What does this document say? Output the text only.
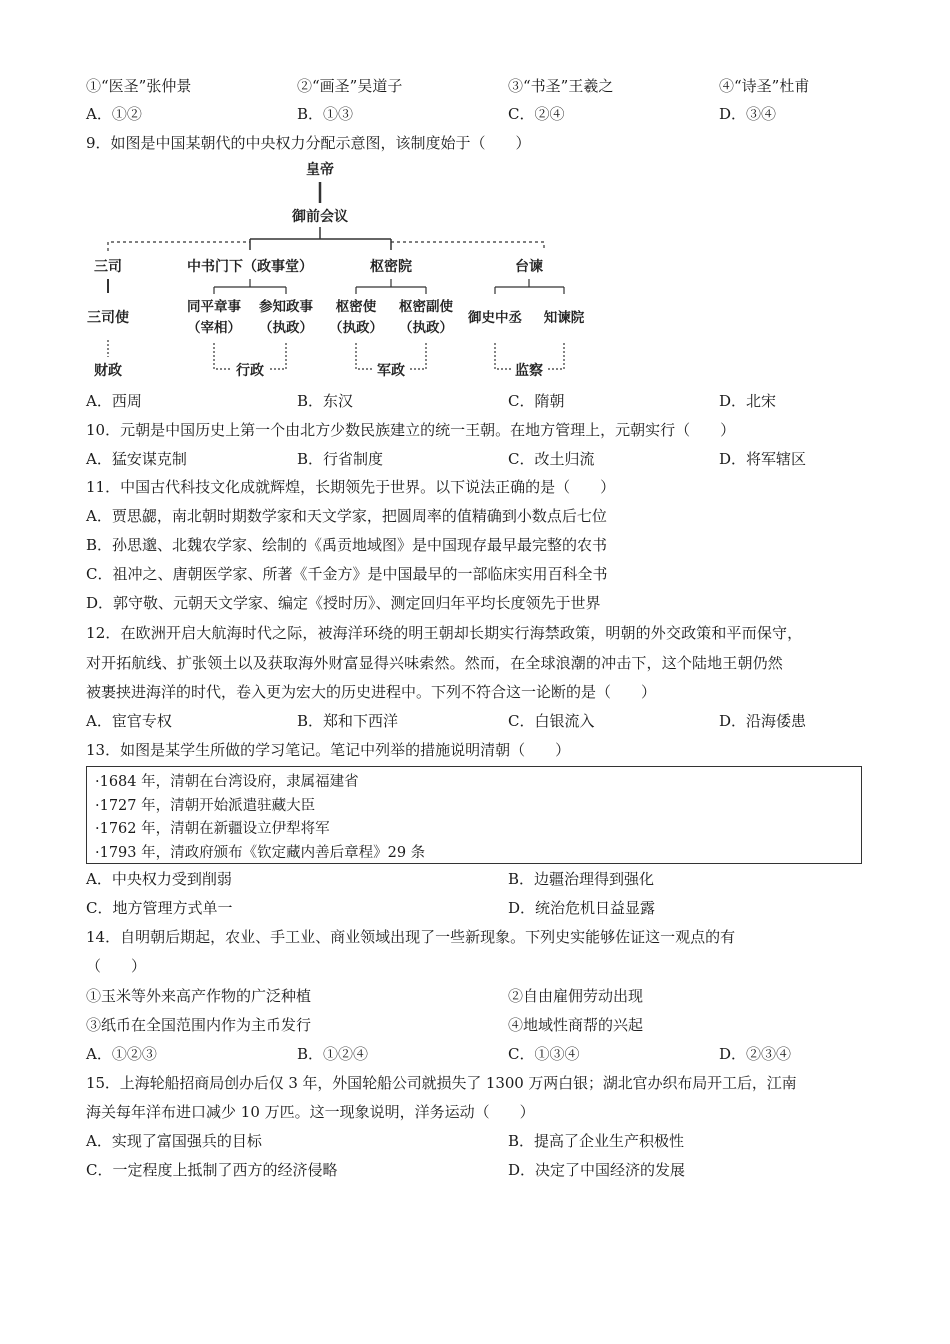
①“医圣”张仲景	②“画圣”吴道子	③“书圣”王羲之	④“诗圣”杜甫
A．①②	B．①③	C．②④	D．③④
9．如图是中国某朝代的中央权力分配示意图，该制度始于（　　）
皇帝
御前会议
三司	中书门下（政事堂）	枢密院	台谏
三司使
同平章事
（宰相）
参知政事
（执政）
枢密使
（执政）
枢密副使
（执政）
御史中丞 知谏院
财政	行政	军政	监察
A．西周	B．东汉	C．隋朝	D．北宋
10．元朝是中国历史上第一个由北方少数民族建立的统一王朝。在地方管理上，元朝实行（　　）
A．猛安谋克制	B．行省制度	C．改土归流	D．将军辖区
11．中国古代科技文化成就辉煌，长期领先于世界。以下说法正确的是（　　）
A．贾思勰，南北朝时期数学家和天文学家，把圆周率的值精确到小数点后七位
B．孙思邈、北魏农学家、绘制的《禹贡地域图》是中国现存最早最完整的农书
C．祖冲之、唐朝医学家、所著《千金方》是中国最早的一部临床实用百科全书
D．郭守敬、元朝天文学家、编定《授时历》、测定回归年平均长度领先于世界
12．在欧洲开启大航海时代之际，被海洋环绕的明王朝却长期实行海禁政策，明朝的外交政策和平而保守，
对开拓航线、扩张领土以及获取海外财富显得兴味索然。然而，在全球浪潮的冲击下，这个陆地王朝仍然
被裹挟进海洋的时代，卷入更为宏大的历史进程中。下列不符合这一论断的是（　　）
A．宦官专权	B．郑和下西洋	C．白银流入	D．沿海倭患
13．如图是某学生所做的学习笔记。笔记中列举的措施说明清朝（　　）
·1684 年，清朝在台湾设府，隶属福建省
·1727 年，清朝开始派遣驻藏大臣
·1762 年，清朝在新疆设立伊犁将军
·1793 年，清政府颁布《钦定藏内善后章程》29 条
A．中央权力受到削弱	B．边疆治理得到强化
C．地方管理方式单一	D．统治危机日益显露
14．自明朝后期起，农业、手工业、商业领域出现了一些新现象。下列史实能够佐证这一观点的有
（　　）
①玉米等外来高产作物的广泛种植	②自由雇佣劳动出现
③纸币在全国范围内作为主币发行	④地域性商帮的兴起
A．①②③	B．①②④	C．①③④	D．②③④
15．上海轮船招商局创办后仅 3 年，外国轮船公司就损失了 1300 万两白银；湖北官办织布局开工后，江南
海关每年洋布进口减少 10 万匹。这一现象说明，洋务运动（　　）
A．实现了富国强兵的目标	B．提高了企业生产积极性
C．一定程度上抵制了西方的经济侵略	D．决定了中国经济的发展
